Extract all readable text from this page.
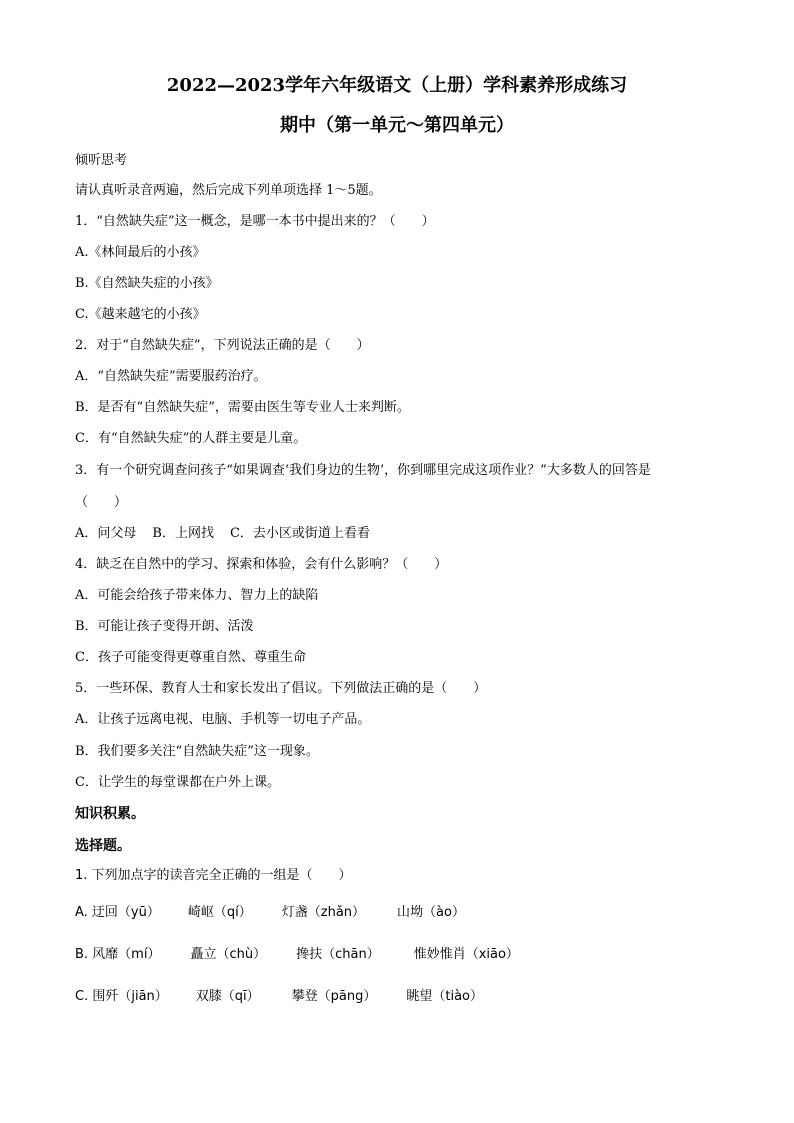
2022—2023学年六年级语文（上册）学科素养形成练习
期中（第一单元～第四单元）
倾听思考
请认真听录音两遍，然后完成下列单项选择 1～5题。
1．“自然缺失症”这一概念，是哪一本书中提出来的？（　　）
A.《林间最后的小孩》
B.《自然缺失症的小孩》
C.《越来越宅的小孩》
2．对于“自然缺失症”，下列说法正确的是（　　）
A．“自然缺失症”需要服药治疗。
B．是否有“自然缺失症”，需要由医生等专业人士来判断。
C．有“自然缺失症”的人群主要是儿童。
3．有一个研究调查问孩子“如果调查‘我们身边的生物’，你到哪里完成这项作业？”大多数人的回答是
（　　）
A．问父母 B．上网找 C．去小区或街道上看看
4．缺乏在自然中的学习、探索和体验，会有什么影响？（　　）
A．可能会给孩子带来体力、智力上的缺陷
B．可能让孩子变得开朗、活泼
C．孩子可能变得更尊重自然、尊重生命
5．一些环保、教育人士和家长发出了倡议。下列做法正确的是（　　）
A．让孩子远离电视、电脑、手机等一切电子产品。
B．我们要多关注“自然缺失症”这一现象。
C．让学生的每堂课都在户外上课。
知识积累。
选择题。
1. 下列加点字的读音完全正确的一组是（　　）
A. 迂回（yū） 崎岖（qí） 灯盏（zhǎn） 山坳（ào）
B. 风靡（mí） 矗立（chù） 搀扶（chān）	惟妙惟肖（xiāo）
C. 围歼（jiān） 双膝（qī） 攀登（pāng） 眺望（tiào）
